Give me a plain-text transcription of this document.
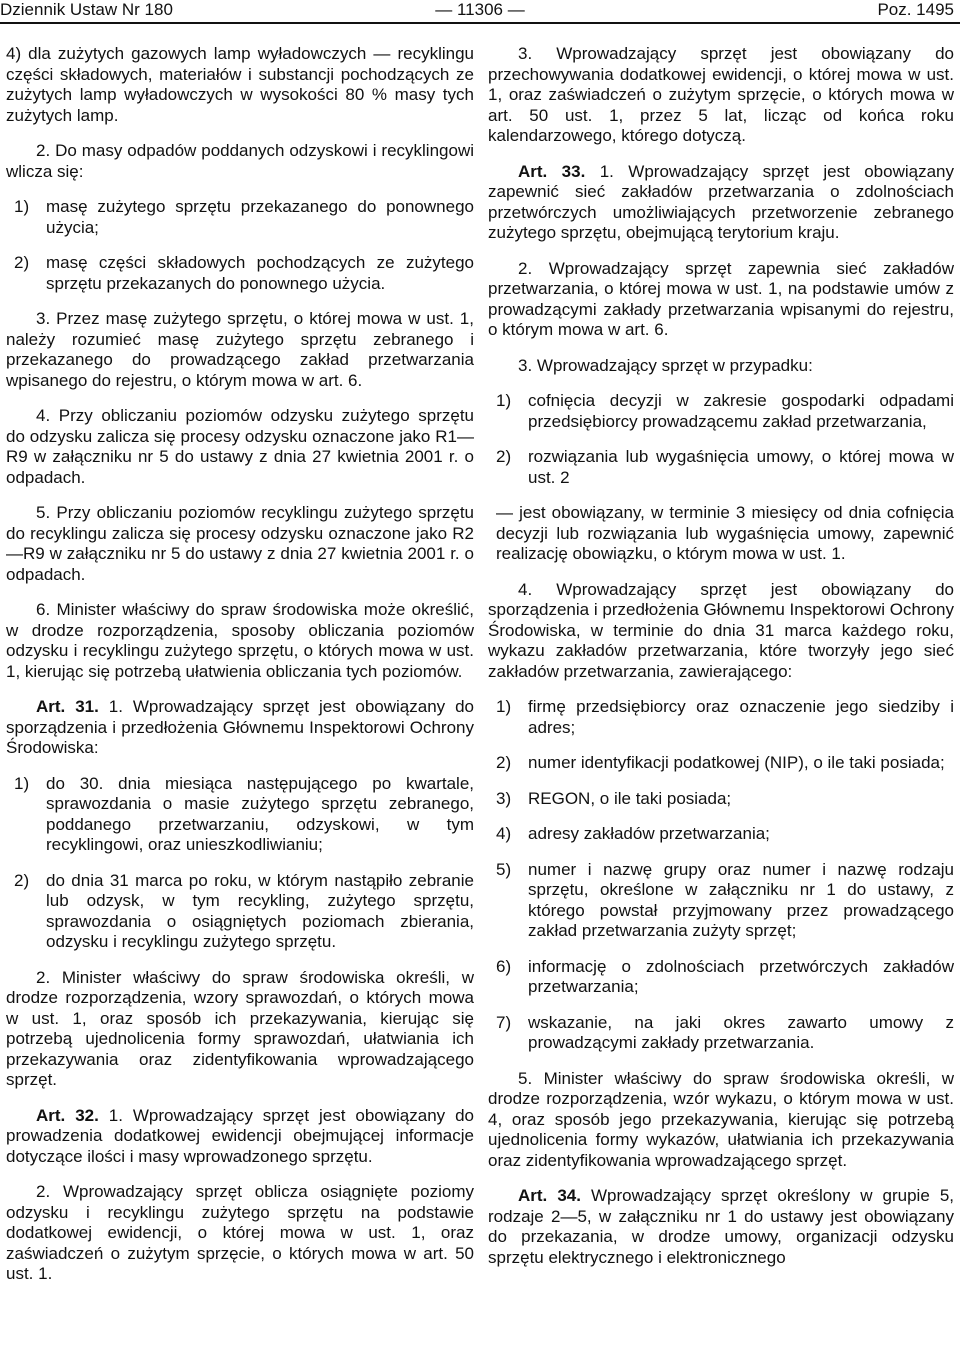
Dziennik Ustaw Nr 180	— 11306 —	Poz. 1495

4) dla zużytych gazowych lamp wyładowczych — recyklingu części składowych, materiałów i substancji pochodzących ze zużytych lamp wyładowczych w wysokości 80 % masy tych zużytych lamp.

2. Do masy odpadów poddanych odzyskowi i recyklingowi wlicza się:

1) masę zużytego sprzętu przekazanego do ponownego użycia;
2) masę części składowych pochodzących ze zużytego sprzętu przekazanych do ponownego użycia.

3. Przez masę zużytego sprzętu, o której mowa w ust. 1, należy rozumieć masę zużytego sprzętu zebranego i przekazanego do prowadzącego zakład przetwarzania wpisanego do rejestru, o którym mowa w art. 6.

4. Przy obliczaniu poziomów odzysku zużytego sprzętu do odzysku zalicza się procesy odzysku oznaczone jako R1—R9 w załączniku nr 5 do ustawy z dnia 27 kwietnia 2001 r. o odpadach.

5. Przy obliczaniu poziomów recyklingu zużytego sprzętu do recyklingu zalicza się procesy odzysku oznaczone jako R2—R9 w załączniku nr 5 do ustawy z dnia 27 kwietnia 2001 r. o odpadach.

6. Minister właściwy do spraw środowiska może określić, w drodze rozporządzenia, sposoby obliczania poziomów odzysku i recyklingu zużytego sprzętu, o których mowa w ust. 1, kierując się potrzebą ułatwienia obliczania tych poziomów.

Art. 31. 1. Wprowadzający sprzęt jest obowiązany do sporządzenia i przedłożenia Głównemu Inspektorowi Ochrony Środowiska:

1) do 30. dnia miesiąca następującego po kwartale, sprawozdania o masie zużytego sprzętu zebranego, poddanego przetwarzaniu, odzyskowi, w tym recyklingowi, oraz unieszkodliwianiu;
2) do dnia 31 marca po roku, w którym nastąpiło zebranie lub odzysk, w tym recykling, zużytego sprzętu, sprawozdania o osiągniętych poziomach zbierania, odzysku i recyklingu zużytego sprzętu.

2. Minister właściwy do spraw środowiska określi, w drodze rozporządzenia, wzory sprawozdań, o których mowa w ust. 1, oraz sposób ich przekazywania, kierując się potrzebą ujednolicenia formy sprawozdań, ułatwiania ich przekazywania oraz zidentyfikowania wprowadzającego sprzęt.

Art. 32. 1. Wprowadzający sprzęt jest obowiązany do prowadzenia dodatkowej ewidencji obejmującej informacje dotyczące ilości i masy wprowadzonego sprzętu.

2. Wprowadzający sprzęt oblicza osiągnięte poziomy odzysku i recyklingu zużytego sprzętu na podstawie dodatkowej ewidencji, o której mowa w ust. 1, oraz zaświadczeń o zużytym sprzęcie, o których mowa w art. 50 ust. 1.

3. Wprowadzający sprzęt jest obowiązany do przechowywania dodatkowej ewidencji, o której mowa w ust. 1, oraz zaświadczeń o zużytym sprzęcie, o których mowa w art. 50 ust. 1, przez 5 lat, licząc od końca roku kalendarzowego, którego dotyczą.

Art. 33. 1. Wprowadzający sprzęt jest obowiązany zapewnić sieć zakładów przetwarzania o zdolnościach przetwórczych umożliwiających przetworzenie zebranego zużytego sprzętu, obejmującą terytorium kraju.

2. Wprowadzający sprzęt zapewnia sieć zakładów przetwarzania, o której mowa w ust. 1, na podstawie umów z prowadzącymi zakłady przetwarzania wpisanymi do rejestru, o którym mowa w art. 6.

3. Wprowadzający sprzęt w przypadku:

1) cofnięcia decyzji w zakresie gospodarki odpadami przedsiębiorcy prowadzącemu zakład przetwarzania,
2) rozwiązania lub wygaśnięcia umowy, o której mowa w ust. 2

— jest obowiązany, w terminie 3 miesięcy od dnia cofnięcia decyzji lub rozwiązania lub wygaśnięcia umowy, zapewnić realizację obowiązku, o którym mowa w ust. 1.

4. Wprowadzający sprzęt jest obowiązany do sporządzenia i przedłożenia Głównemu Inspektorowi Ochrony Środowiska, w terminie do dnia 31 marca każdego roku, wykazu zakładów przetwarzania, które tworzyły jego sieć zakładów przetwarzania, zawierającego:

1) firmę przedsiębiorcy oraz oznaczenie jego siedziby i adres;
2) numer identyfikacji podatkowej (NIP), o ile taki posiada;
3) REGON, o ile taki posiada;
4) adresy zakładów przetwarzania;
5) numer i nazwę grupy oraz numer i nazwę rodzaju sprzętu, określone w załączniku nr 1 do ustawy, z którego powstał przyjmowany przez prowadzącego zakład przetwarzania zużyty sprzęt;
6) informację o zdolnościach przetwórczych zakładów przetwarzania;
7) wskazanie, na jaki okres zawarto umowy z prowadzącymi zakłady przetwarzania.

5. Minister właściwy do spraw środowiska określi, w drodze rozporządzenia, wzór wykazu, o którym mowa w ust. 4, oraz sposób jego przekazywania, kierując się potrzebą ujednolicenia formy wykazów, ułatwiania ich przekazywania oraz zidentyfikowania wprowadzającego sprzęt.

Art. 34. Wprowadzający sprzęt określony w grupie 5, rodzaje 2—5, w załączniku nr 1 do ustawy jest obowiązany do przekazania, w drodze umowy, organizacji odzysku sprzętu elektrycznego i elektronicznego
